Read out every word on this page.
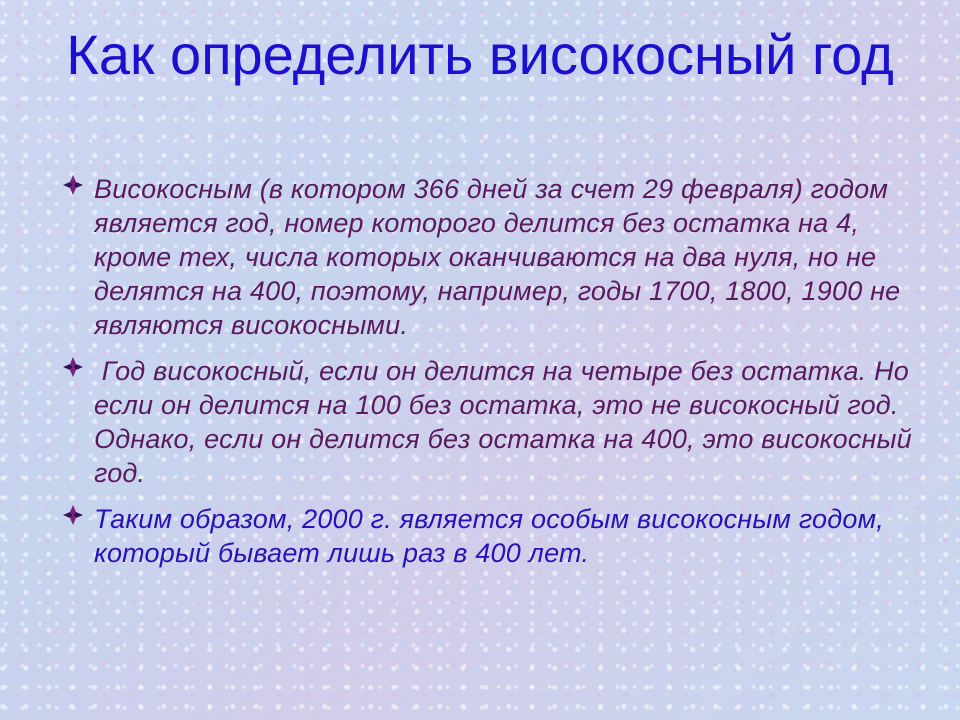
Как определить високосный год
Високосным (в котором 366 дней за счет 29 февраля) годом является год, номер которого делится без остатка на 4, кроме тех, числа которых оканчиваются на два нуля, но не делятся на 400, поэтому, например, годы 1700, 1800, 1900 не являются високосными.
Год високосный, если он делится на четыре без остатка. Но если он делится на 100 без остатка, это не високосный год. Однако, если он делится без остатка на 400, это високосный год.
Таким образом, 2000 г. является особым високосным годом, который бывает лишь раз в 400 лет.
